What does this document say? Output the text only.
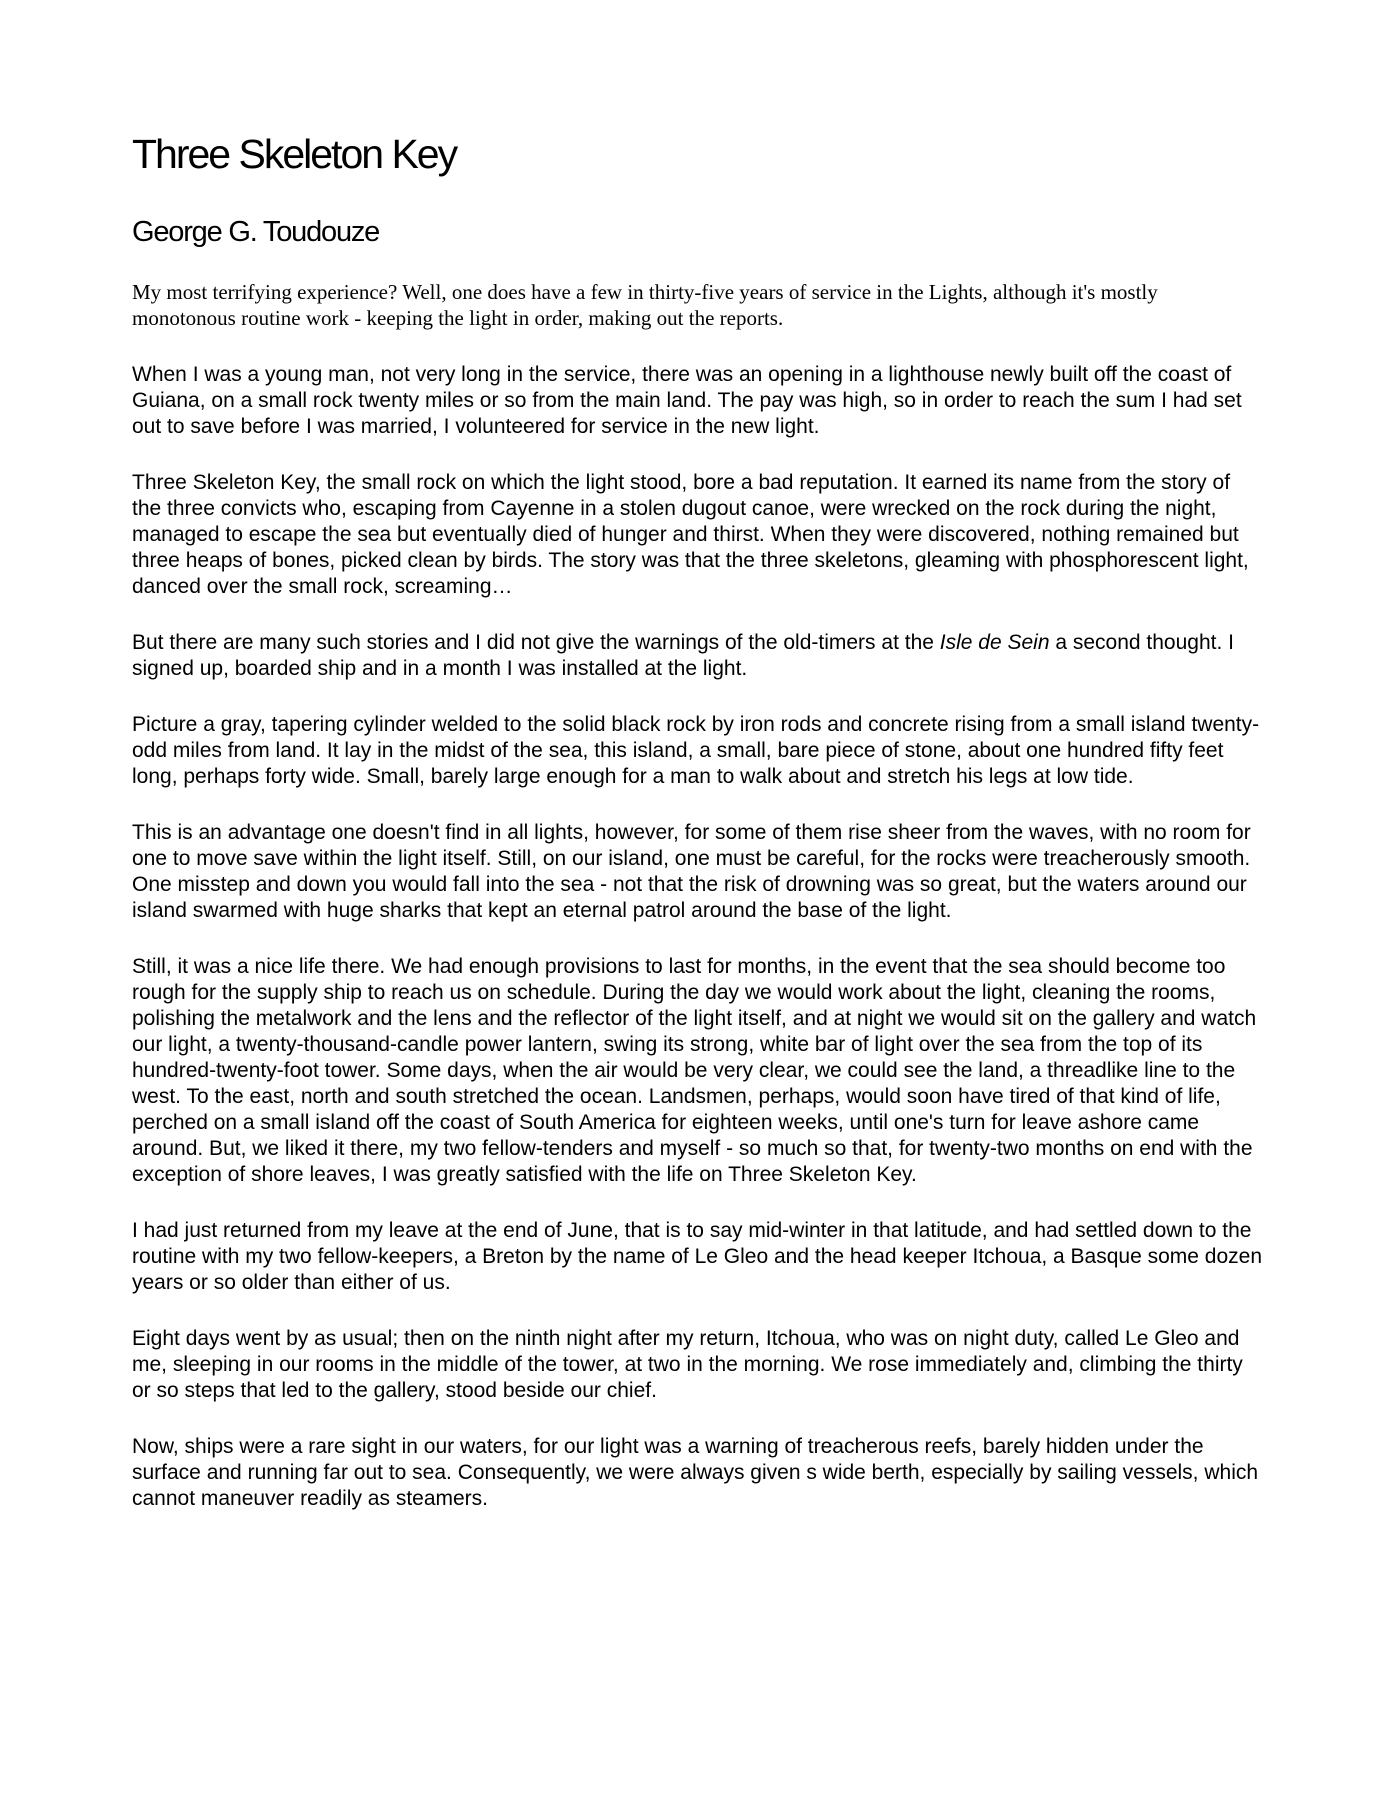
Three Skeleton Key
George G. Toudouze

My most terrifying experience? Well, one does have a few in thirty-five years of service in the Lights, although it's mostly monotonous routine work - keeping the light in order, making out the reports.

When I was a young man, not very long in the service, there was an opening in a lighthouse newly built off the coast of Guiana, on a small rock twenty miles or so from the main land. The pay was high, so in order to reach the sum I had set out to save before I was married, I volunteered for service in the new light.

Three Skeleton Key, the small rock on which the light stood, bore a bad reputation. It earned its name from the story of the three convicts who, escaping from Cayenne in a stolen dugout canoe, were wrecked on the rock during the night, managed to escape the sea but eventually died of hunger and thirst. When they were discovered, nothing remained but three heaps of bones, picked clean by birds. The story was that the three skeletons, gleaming with phosphorescent light, danced over the small rock, screaming…

But there are many such stories and I did not give the warnings of the old-timers at the Isle de Sein a second thought. I signed up, boarded ship and in a month I was installed at the light.

Picture a gray, tapering cylinder welded to the solid black rock by iron rods and concrete rising from a small island twenty-odd miles from land. It lay in the midst of the sea, this island, a small, bare piece of stone, about one hundred fifty feet long, perhaps forty wide. Small, barely large enough for a man to walk about and stretch his legs at low tide.

This is an advantage one doesn't find in all lights, however, for some of them rise sheer from the waves, with no room for one to move save within the light itself. Still, on our island, one must be careful, for the rocks were treacherously smooth. One misstep and down you would fall into the sea - not that the risk of drowning was so great, but the waters around our island swarmed with huge sharks that kept an eternal patrol around the base of the light.

Still, it was a nice life there. We had enough provisions to last for months, in the event that the sea should become too rough for the supply ship to reach us on schedule. During the day we would work about the light, cleaning the rooms, polishing the metalwork and the lens and the reflector of the light itself, and at night we would sit on the gallery and watch our light, a twenty-thousand-candle power lantern, swing its strong, white bar of light over the sea from the top of its hundred-twenty-foot tower. Some days, when the air would be very clear, we could see the land, a threadlike line to the west. To the east, north and south stretched the ocean. Landsmen, perhaps, would soon have tired of that kind of life, perched on a small island off the coast of South America for eighteen weeks, until one's turn for leave ashore came around. But, we liked it there, my two fellow-tenders and myself - so much so that, for twenty-two months on end with the exception of shore leaves, I was greatly satisfied with the life on Three Skeleton Key.

I had just returned from my leave at the end of June, that is to say mid-winter in that latitude, and had settled down to the routine with my two fellow-keepers, a Breton by the name of Le Gleo and the head keeper Itchoua, a Basque some dozen years or so older than either of us.

Eight days went by as usual; then on the ninth night after my return, Itchoua, who was on night duty, called Le Gleo and me, sleeping in our rooms in the middle of the tower, at two in the morning. We rose immediately and, climbing the thirty or so steps that led to the gallery, stood beside our chief.

Now, ships were a rare sight in our waters, for our light was a warning of treacherous reefs, barely hidden under the surface and running far out to sea. Consequently, we were always given s wide berth, especially by sailing vessels, which cannot maneuver readily as steamers.
